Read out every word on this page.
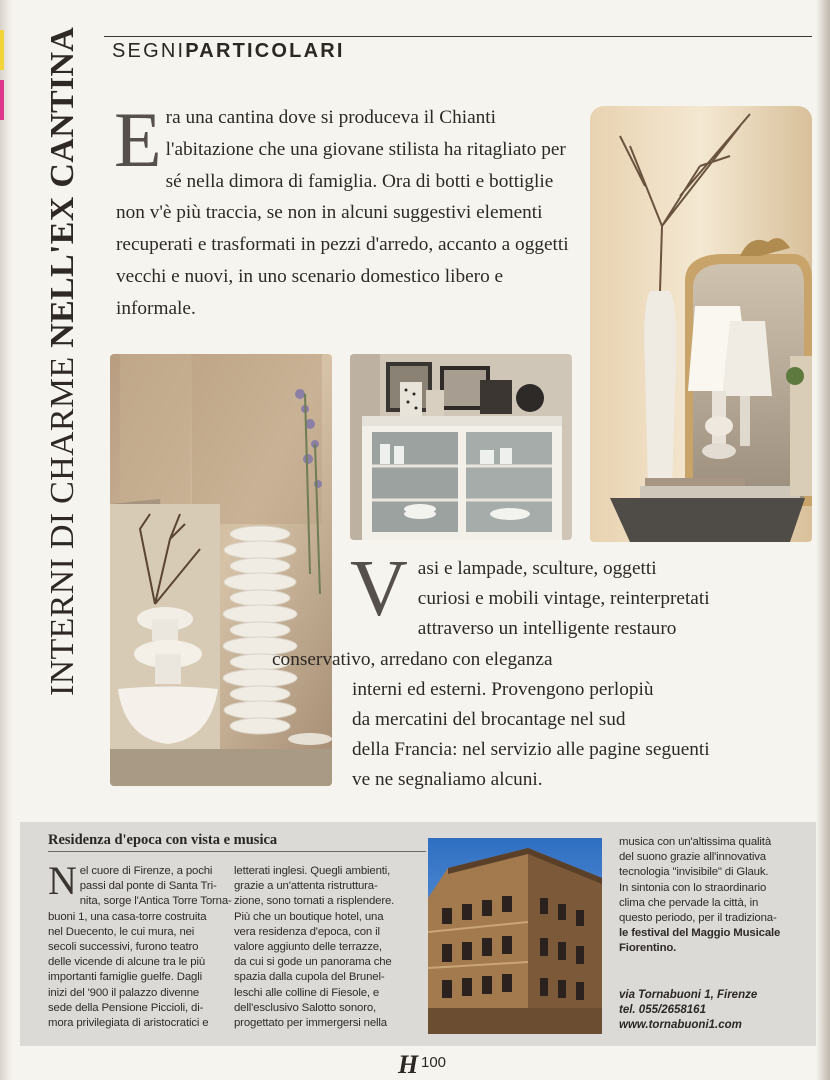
SEGNIPARTICOLARI
INTERNI DI CHARME NELL'EX CANTINA Era una cantina dove si produceva il Chianti l'abitazione che una giovane stilista ha ritagliato per sé nella dimora di famiglia. Ora di botti e bottiglie non v'è più traccia, se non in alcuni suggestivi elementi recuperati e trasformati in pezzi d'arredo, accanto a oggetti vecchi e nuovi, in uno scenario domestico libero e informale.
V asi e lampade, sculture, oggetti
curiosi e mobili vintage, reinterpretati
attraverso un intelligente restauro
conservativo, arredano con eleganza
interni ed esterni. Provengono perlopiù
da mercatini del brocantage nel sud
della Francia: nel servizio alle pagine seguenti
ve ne segnaliamo alcuni.
Residenza d'epoca con vista e musica
N el cuore di Firenze, a pochi
passi dal ponte di Santa Tri-
nita, sorge l'Antica Torre Torna-
buoni 1, una casa-torre costruita
nel Duecento, le cui mura, nei
secoli successivi, furono teatro
delle vicende di alcune tra le più
importanti famiglie guelfe. Dagli
inizi del '900 il palazzo divenne
sede della Pensione Piccioli, di-
mora privilegiata di aristocratici e
letterati inglesi. Quegli ambienti,
grazie a un'attenta ristruttura-
zione, sono tornati a risplendere.
Più che un boutique hotel, una
vera residenza d'epoca, con il
valore aggiunto delle terrazze,
da cui si gode un panorama che
spazia dalla cupola del Brunel-
leschi alle colline di Fiesole, e
dell'esclusivo Salotto sonoro,
progettato per immergersi nella
musica con un'altissima qualità
del suono grazie all'innovativa
tecnologia "invisibile" di Glauk.
In sintonia con lo straordinario
clima che pervade la città, in
questo periodo, per il tradiziona-
le festival del Maggio Musicale
Fiorentino.
via Tornabuoni 1, Firenze
tel. 055/2658161
www.tornabuoni1.com
H 100
